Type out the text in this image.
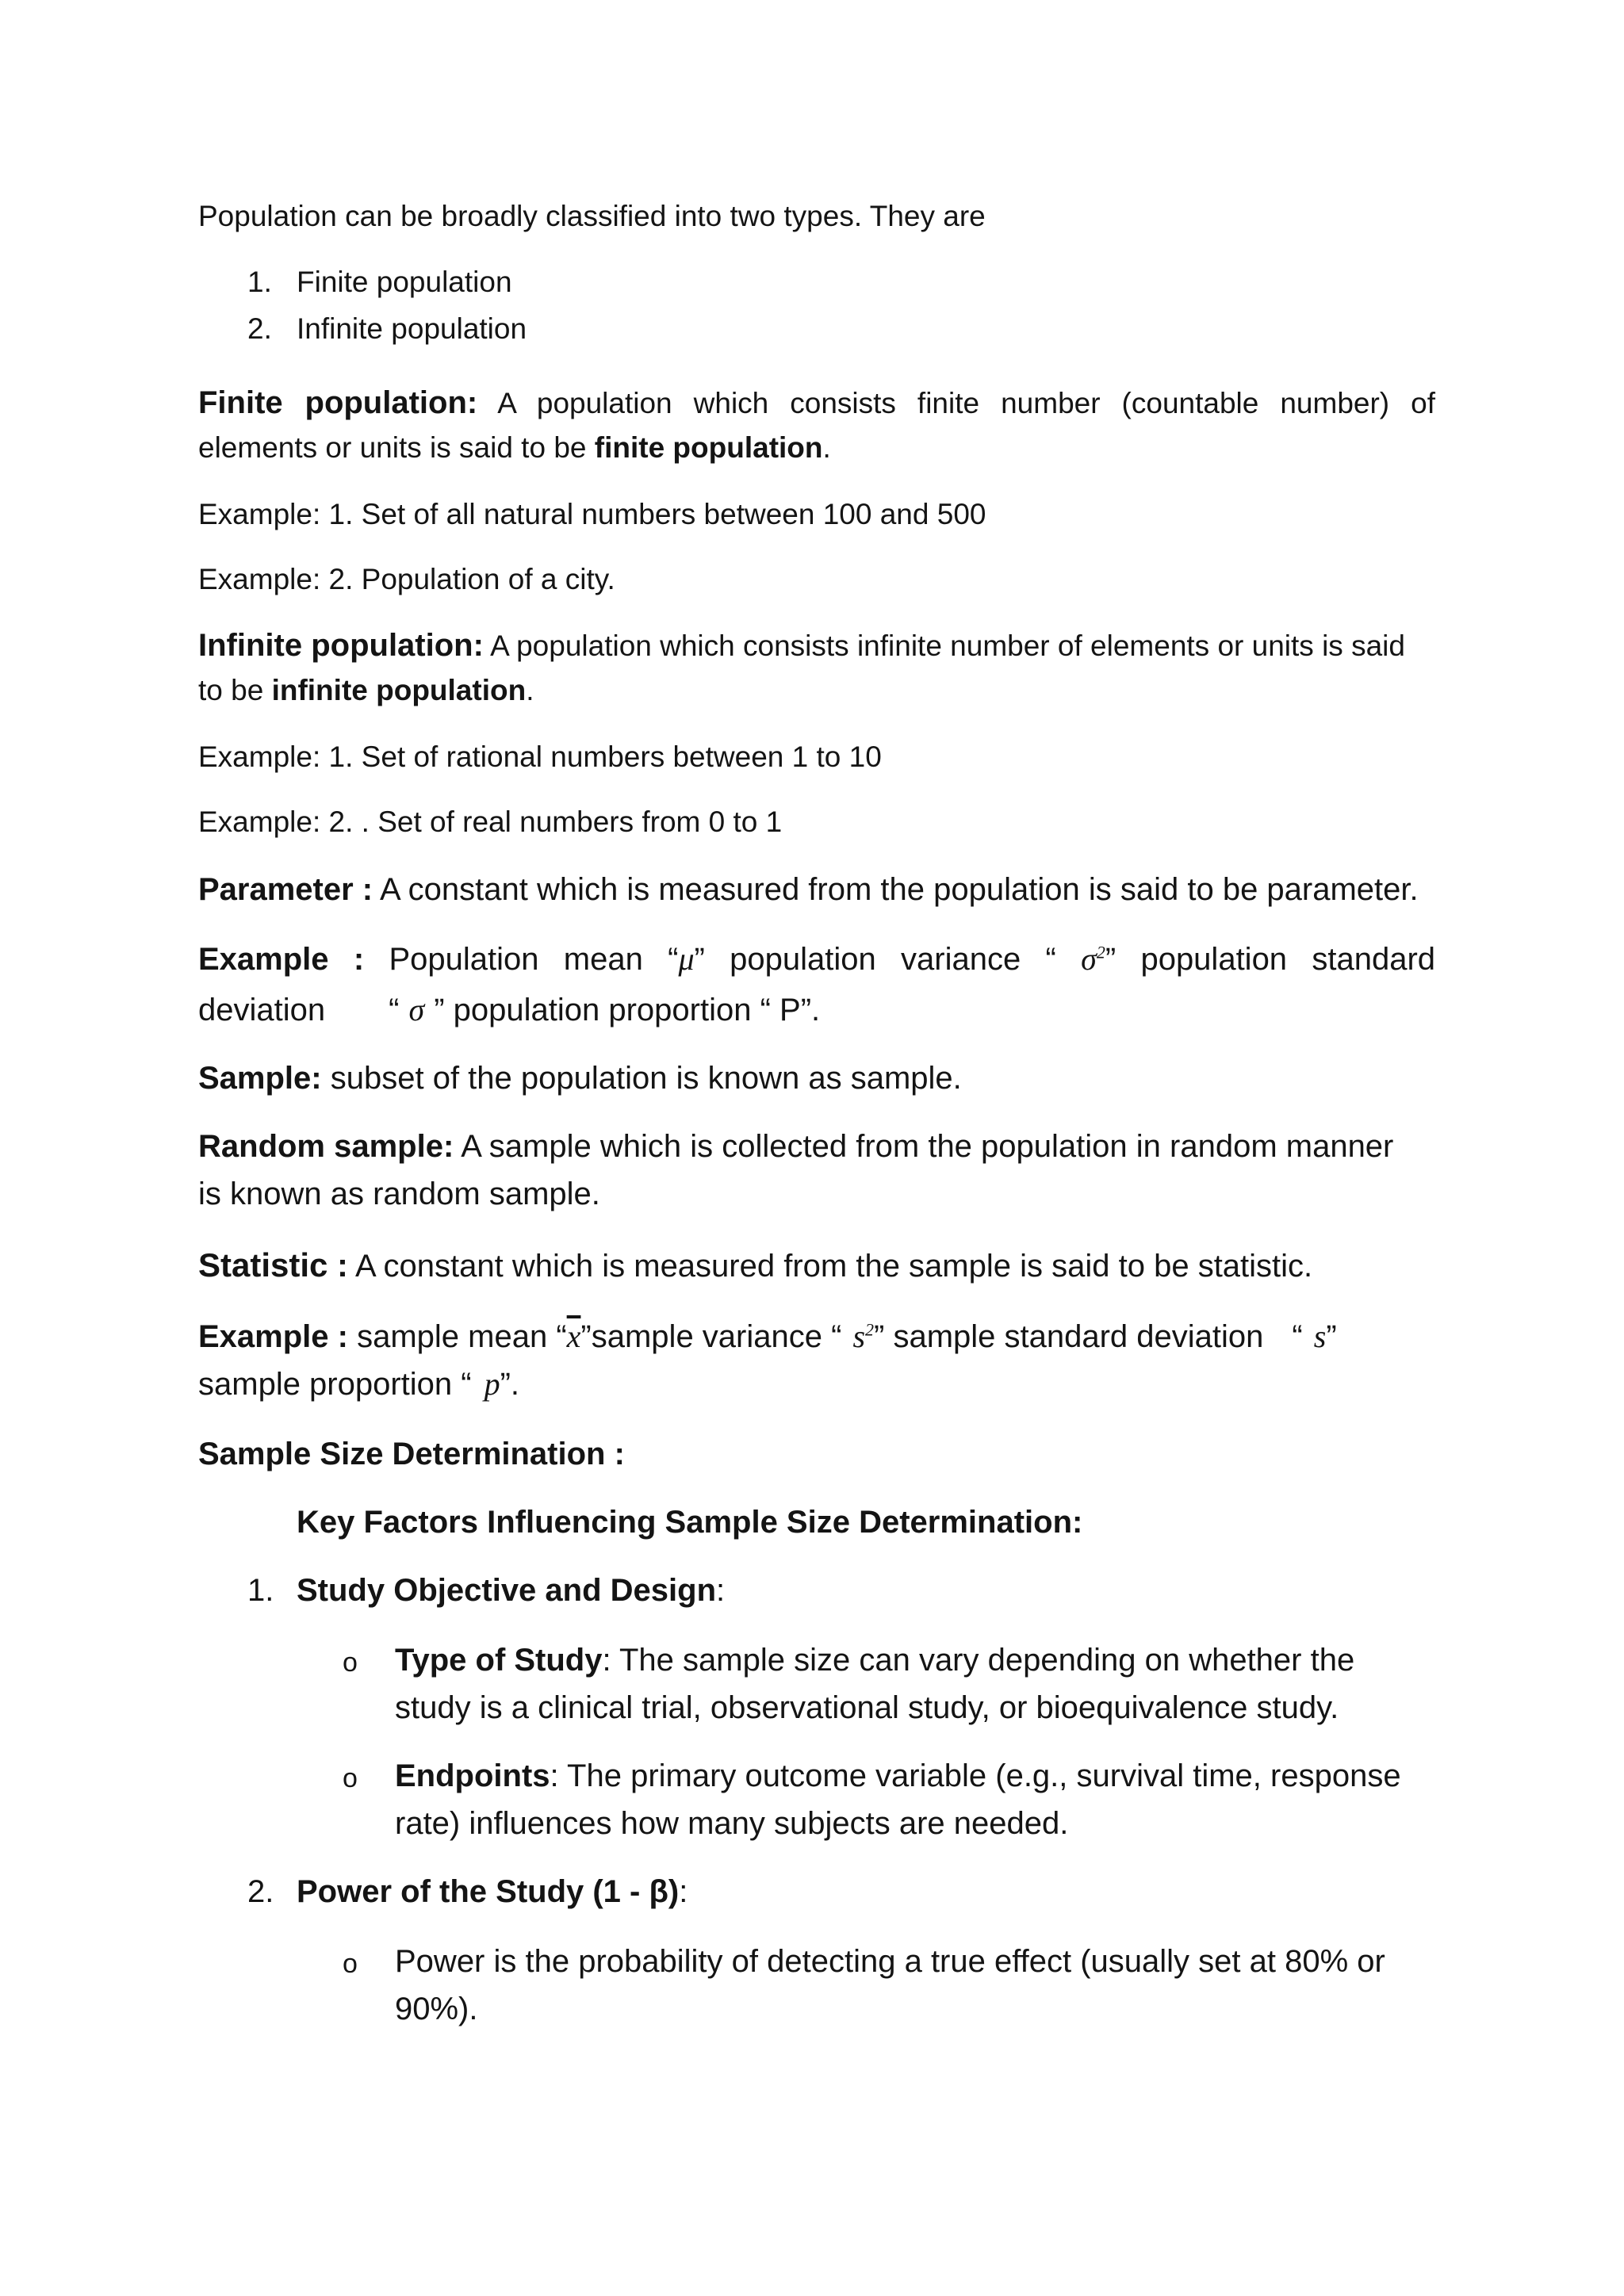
Population can be broadly classified into two types. They are
1. Finite population
2. Infinite population
Finite population: A population which consists finite number (countable number) of
elements or units is said to be finite population.
Example: 1. Set of all natural numbers between 100 and 500
Example: 2. Population of a city.
Infinite population: A population which consists infinite number of elements or units is said
to be infinite population.
Example: 1. Set of rational numbers between 1 to 10
Example: 2. . Set of real numbers from 0 to 1
Parameter : A constant which is measured from the population is said to be parameter.
Example : Population mean “μ” population variance “ $\sigma^2$” population standard
deviation “ σ ” population proportion “ P”.
Sample: subset of the population is known as sample.
Random sample: A sample which is collected from the population in random manner
is known as random sample.
Statistic : A constant which is measured from the sample is said to be statistic.
Example : sample mean “$\overline{x}”sample$ variance “ $s^2$” sample standard deviation “ s”
sample proportion “ p”.
Sample Size Determination :
Key Factors Influencing Sample Size Determination:
1. Study Objective and Design:
o Type of Study: The sample size can vary depending on whether the
study is a clinical trial, observational study, or bioequivalence study.
o Endpoints: The primary outcome variable (e.g., survival time, response
rate) influences how many subjects are needed.
2. Power of the Study (1 - β):
o Power is the probability of detecting a true effect (usually set at 80% or
90%).
